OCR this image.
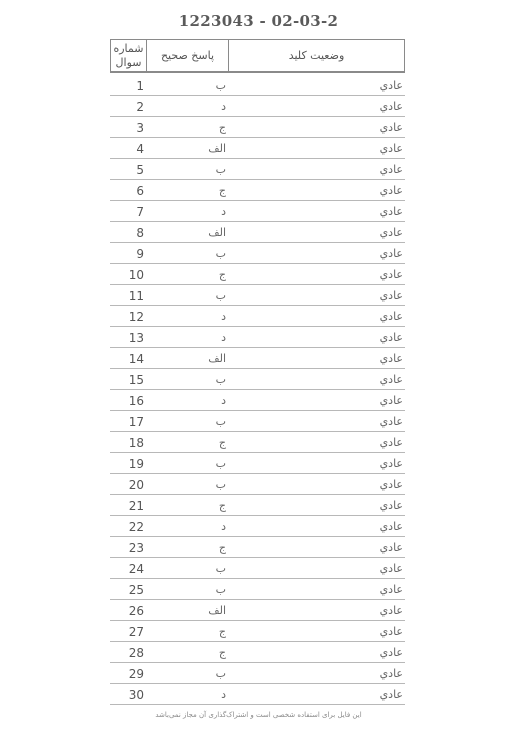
1223043 - 02-03-2
شماره سوال	پاسخ صحیح	وضعیت کلید
1	ب	عادي
2	د	عادي
3	ج	عادي
4	الف	عادي
5	ب	عادي
6	ج	عادي
7	د	عادي
8	الف	عادي
9	ب	عادي
10	ج	عادي
11	ب	عادي
12	د	عادي
13	د	عادي
14	الف	عادي
15	ب	عادي
16	د	عادي
17	ب	عادي
18	ج	عادي
19	ب	عادي
20	ب	عادي
21	ج	عادي
22	د	عادي
23	ج	عادي
24	ب	عادي
25	ب	عادي
26	الف	عادي
27	ج	عادي
28	ج	عادي
29	ب	عادي
30	د	عادي
این فایل برای استفاده شخصی است و اشتراک‌گذاری آن مجاز نمی‌باشد
